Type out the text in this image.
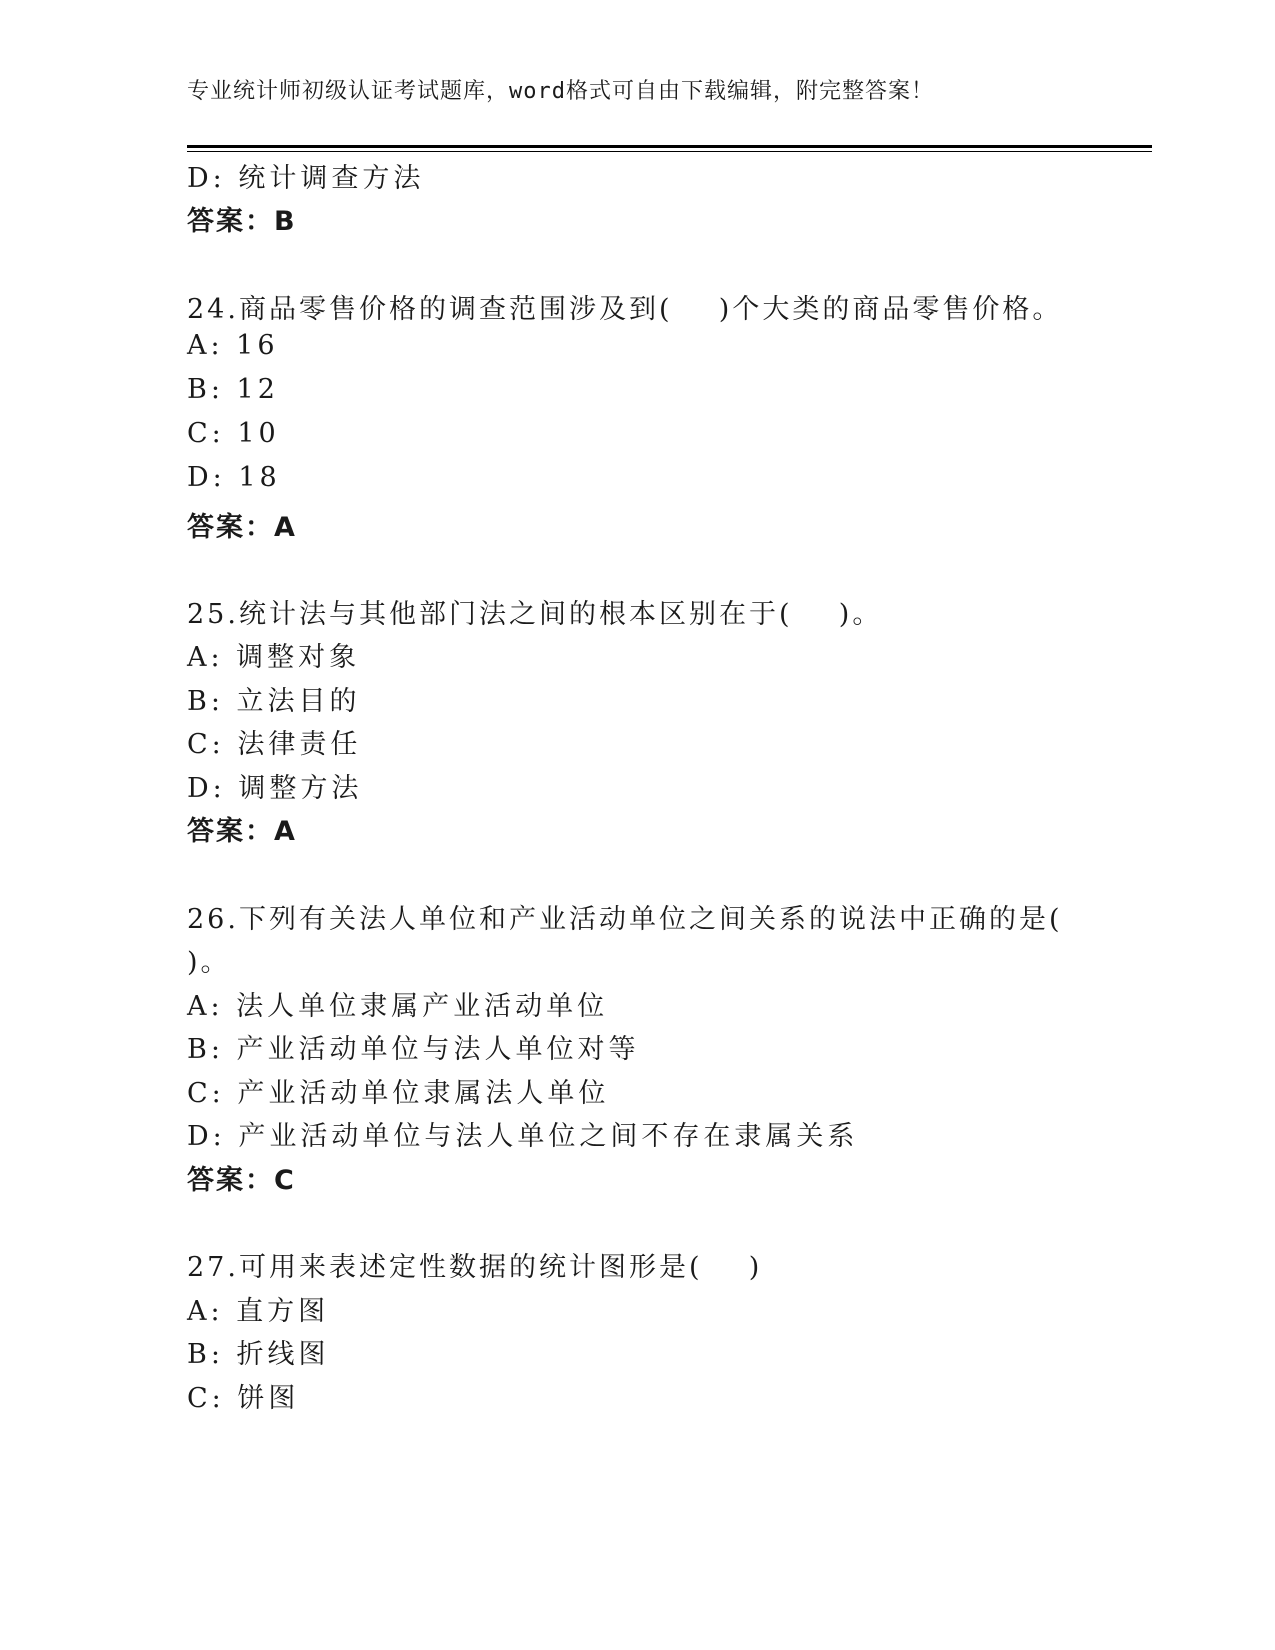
专业统计师初级认证考试题库，word格式可自由下载编辑，附完整答案！
D: 统计调查方法
答案：B
24.商品零售价格的调查范围涉及到(    )个大类的商品零售价格。
A: 16
B: 12
C: 10
D: 18
答案：A
25.统计法与其他部门法之间的根本区别在于(    )。
A: 调整对象
B: 立法目的
C: 法律责任
D: 调整方法
答案：A
26.下列有关法人单位和产业活动单位之间关系的说法中正确的是(
)。
A: 法人单位隶属产业活动单位
B: 产业活动单位与法人单位对等
C: 产业活动单位隶属法人单位
D: 产业活动单位与法人单位之间不存在隶属关系
答案：C
27.可用来表述定性数据的统计图形是(    )
A: 直方图
B: 折线图
C: 饼图
